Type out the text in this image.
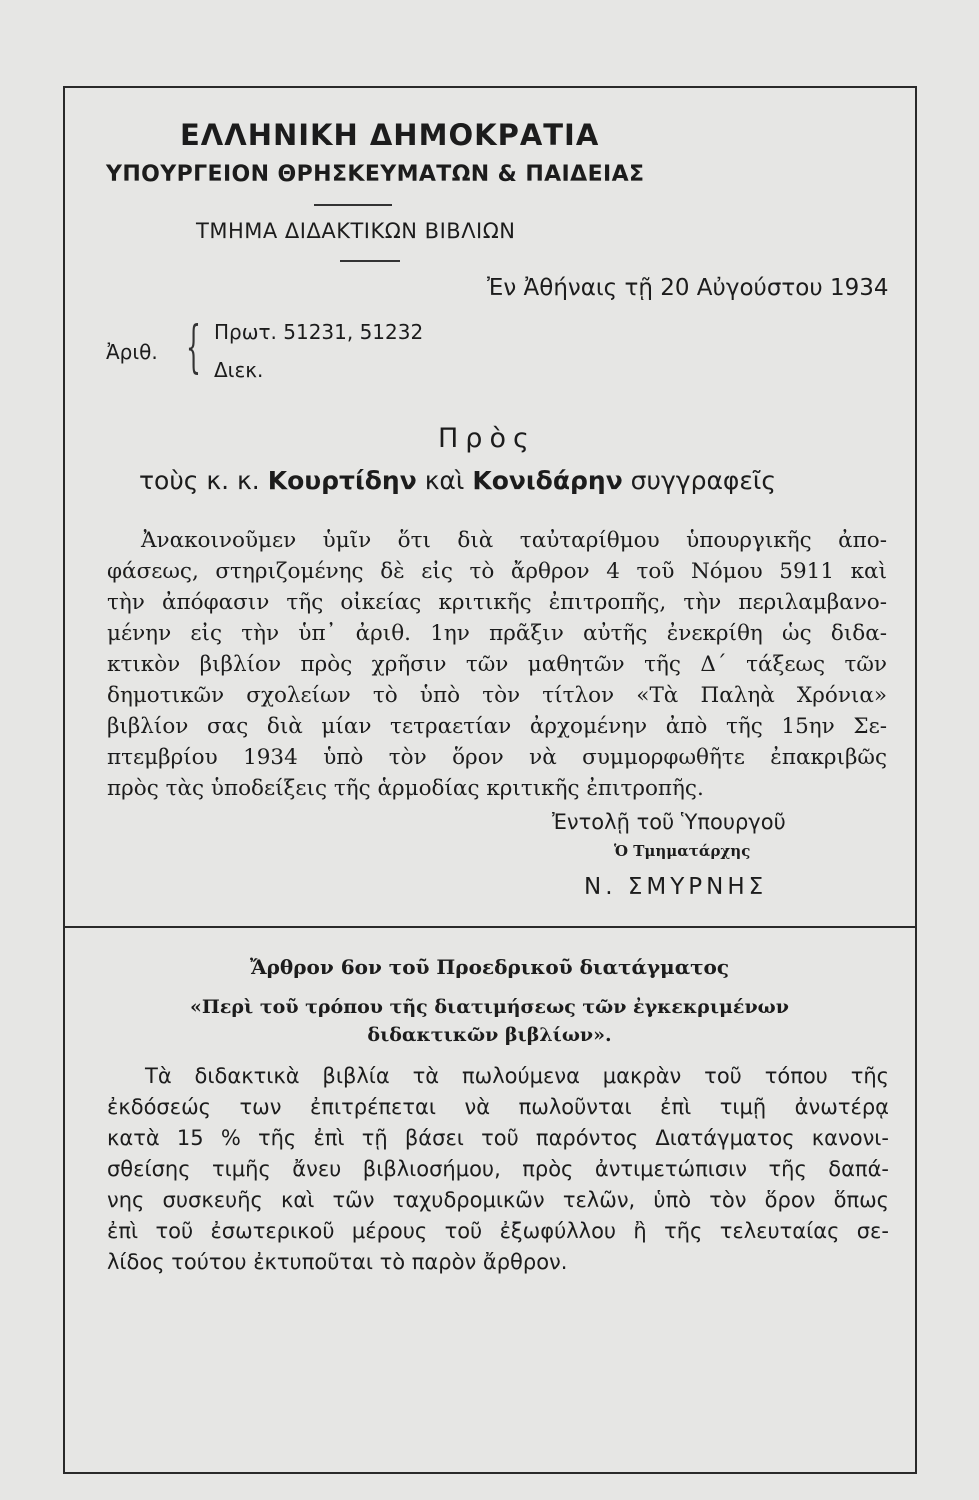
ΕΛΛΗΝΙΚΗ ΔΗΜΟΚΡΑΤΙΑ
ΥΠΟΥΡΓΕΙΟΝ ΘΡΗΣΚΕΥΜΑΤΩΝ & ΠΑΙΔΕΙΑΣ
ΤΜΗΜΑ ΔΙΔΑΚΤΙΚΩΝ ΒΙΒΛΙΩΝ
Ἐν Ἀθήναις τῇ 20 Αὐγούστου 1934
Ἀριθ. { Πρωτ. 51231, 51232
Διεκ.
Πρὸς
τοὺς κ. κ. Κουρτίδην καὶ Κονιδάρην συγγραφεῖς
Ἀνακοινοῦμεν ὑμῖν ὅτι διὰ ταὐταρίθμου ὑπουργικῆς ἀπο-
φάσεως, στηριζομένης δὲ εἰς τὸ ἄρθρον 4 τοῦ Νόμου 5911 καὶ
τὴν ἀπόφασιν τῆς οἰκείας κριτικῆς ἐπιτροπῆς, τὴν περιλαμβανο-
μένην εἰς τὴν ὑπ᾽ ἀριθ. 1ην πρᾶξιν αὐτῆς ἐνεκρίθη ὡς διδα-
κτικὸν βιβλίον πρὸς χρῆσιν τῶν μαθητῶν τῆς Δ΄ τάξεως τῶν
δημοτικῶν σχολείων τὸ ὑπὸ τὸν τίτλον «Τὰ Παληὰ Χρόνια»
βιβλίον σας διὰ μίαν τετραετίαν ἀρχομένην ἀπὸ τῆς 15ην Σε-
πτεμβρίου 1934 ὑπὸ τὸν ὅρον νὰ συμμορφωθῆτε ἐπακριβῶς
πρὸς τὰς ὑποδείξεις τῆς ἁρμοδίας κριτικῆς ἐπιτροπῆς.
Ἐντολῇ τοῦ Ὑπουργοῦ
Ὁ Τμηματάρχης
Ν. ΣΜΥΡΝΗΣ
Ἄρθρον 6ον τοῦ Προεδρικοῦ διατάγματος
«Περὶ τοῦ τρόπου τῆς διατιμήσεως τῶν ἐγκεκριμένων
διδακτικῶν βιβλίων».
Τὰ διδακτικὰ βιβλία τὰ πωλούμενα μακρὰν τοῦ τόπου τῆς
ἐκδόσεώς των ἐπιτρέπεται νὰ πωλοῦνται ἐπὶ τιμῇ ἀνωτέρᾳ
κατὰ 15 % τῆς ἐπὶ τῇ βάσει τοῦ παρόντος Διατάγματος κανονι-
σθείσης τιμῆς ἄνευ βιβλιοσήμου, πρὸς ἀντιμετώπισιν τῆς δαπά-
νης συσκευῆς καὶ τῶν ταχυδρομικῶν τελῶν, ὑπὸ τὸν ὅρον ὅπως
ἐπὶ τοῦ ἐσωτερικοῦ μέρους τοῦ ἐξωφύλλου ἢ τῆς τελευταίας σε-
λίδος τούτου ἐκτυποῦται τὸ παρὸν ἄρθρον.
